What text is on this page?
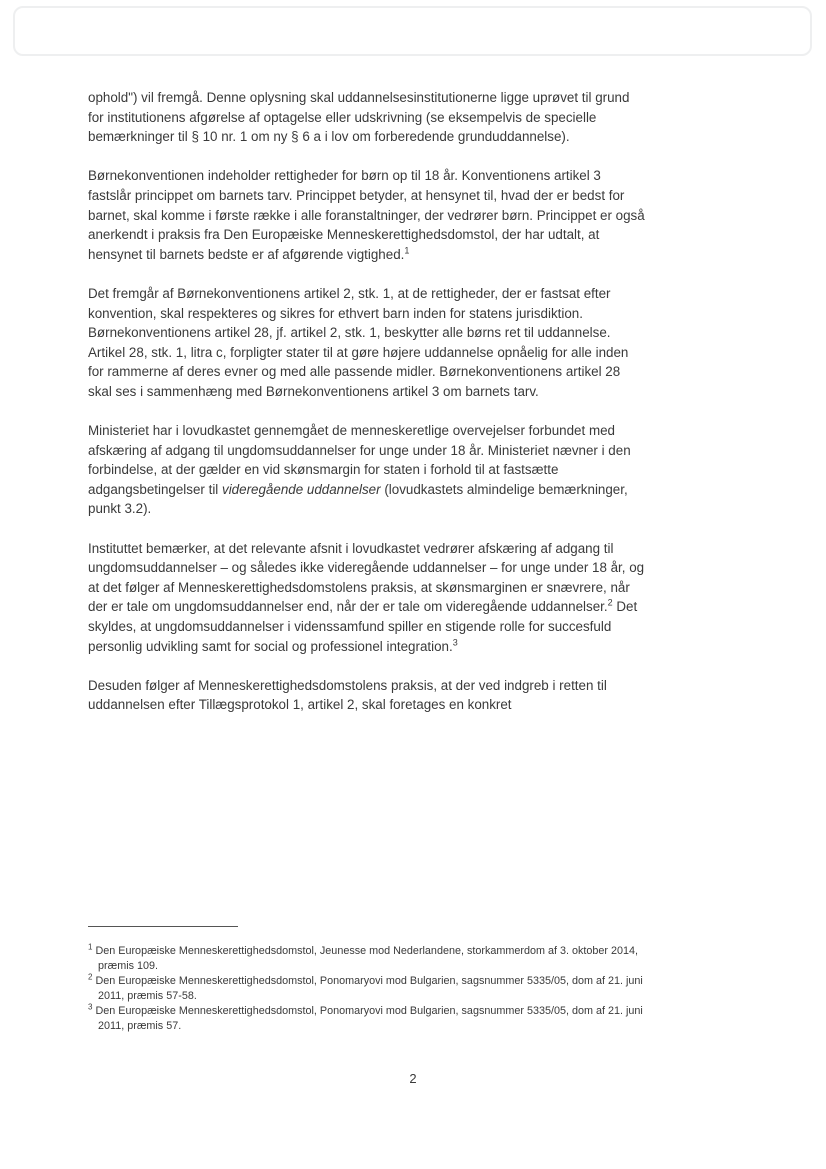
ophold") vil fremgå. Denne oplysning skal uddannelsesinstitutionerne ligge uprøvet til grund for institutionens afgørelse af optagelse eller udskrivning (se eksempelvis de specielle bemærkninger til § 10 nr. 1 om ny § 6 a i lov om forberedende grunduddannelse).

Børnekonventionen indeholder rettigheder for børn op til 18 år. Konventionens artikel 3 fastslår princippet om barnets tarv. Princippet betyder, at hensynet til, hvad der er bedst for barnet, skal komme i første række i alle foranstaltninger, der vedrører børn. Princippet er også anerkendt i praksis fra Den Europæiske Menneskerettighedsdomstol, der har udtalt, at hensynet til barnets bedste er af afgørende vigtighed.$^1$

Det fremgår af Børnekonventionens artikel 2, stk. 1, at de rettigheder, der er fastsat efter konvention, skal respekteres og sikres for ethvert barn inden for statens jurisdiktion. Børnekonventionens artikel 28, jf. artikel 2, stk. 1, beskytter alle børns ret til uddannelse. Artikel 28, stk. 1, litra c, forpligter stater til at gøre højere uddannelse opnåelig for alle inden for rammerne af deres evner og med alle passende midler. Børnekonventionens artikel 28 skal ses i sammenhæng med Børnekonventionens artikel 3 om barnets tarv.

Ministeriet har i lovudkastet gennemgået de menneskeretlige overvejelser forbundet med afskæring af adgang til ungdomsuddannelser for unge under 18 år. Ministeriet nævner i den forbindelse, at der gælder en vid skønsmargin for staten i forhold til at fastsætte adgangsbetingelser til videregående uddannelser (lovudkastets almindelige bemærkninger, punkt 3.2).

Instituttet bemærker, at det relevante afsnit i lovudkastet vedrører afskæring af adgang til ungdomsuddannelser – og således ikke videregående uddannelser – for unge under 18 år, og at det følger af Menneskerettighedsdomstolens praksis, at skønsmarginen er snævrere, når der er tale om ungdomsuddannelser end, når der er tale om videregående uddannelser.$^2$ Det skyldes, at ungdomsuddannelser i videnssamfund spiller en stigende rolle for succesfuld personlig udvikling samt for social og professionel integration.$^3$

Desuden følger af Menneskerettighedsdomstolens praksis, at der ved indgreb i retten til uddannelsen efter Tillægsprotokol 1, artikel 2, skal foretages en konkret

$^1$ Den Europæiske Menneskerettighedsdomstol, Jeunesse mod Nederlandene, storkammerdom af 3. oktober 2014, præmis 109.
$^2$ Den Europæiske Menneskerettighedsdomstol, Ponomaryovi mod Bulgarien, sagsnummer 5335/05, dom af 21. juni 2011, præmis 57-58.
$^3$ Den Europæiske Menneskerettighedsdomstol, Ponomaryovi mod Bulgarien, sagsnummer 5335/05, dom af 21. juni 2011, præmis 57.
2
